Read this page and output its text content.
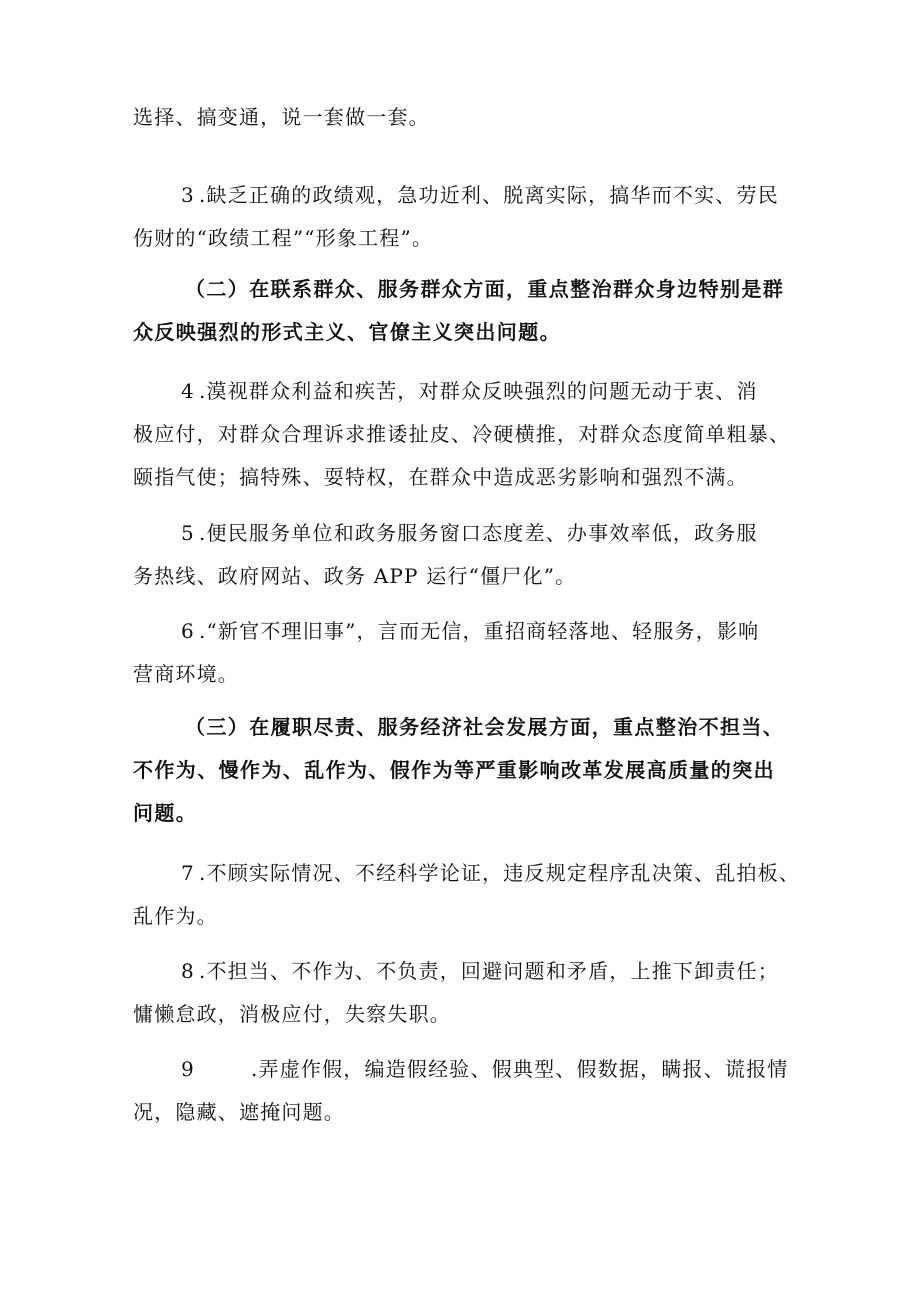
选择、搞变通，说一套做一套。

3 .缺乏正确的政绩观，急功近利、脱离实际，搞华而不实、劳民
伤财的“政绩工程”“形象工程”。

（二）在联系群众、服务群众方面，重点整治群众身边特别是群
众反映强烈的形式主义、官僚主义突出问题。

4 .漠视群众利益和疾苦，对群众反映强烈的问题无动于衷、消
极应付，对群众合理诉求推诿扯皮、冷硬横推，对群众态度简单粗暴、
颐指气使；搞特殊、耍特权，在群众中造成恶劣影响和强烈不满。

5 .便民服务单位和政务服务窗口态度差、办事效率低，政务服
务热线、政府网站、政务 APP 运行“僵尸化”。

6 .“新官不理旧事”，言而无信，重招商轻落地、轻服务，影响
营商环境。

（三）在履职尽责、服务经济社会发展方面，重点整治不担当、
不作为、慢作为、乱作为、假作为等严重影响改革发展高质量的突出
问题。

7 .不顾实际情况、不经科学论证，违反规定程序乱决策、乱拍板、
乱作为。

8 .不担当、不作为、不负责，回避问题和矛盾，上推下卸责任；
慵懒怠政，消极应付，失察失职。

9	.弄虚作假，编造假经验、假典型、假数据，瞒报、谎报情
况，隐藏、遮掩问题。
